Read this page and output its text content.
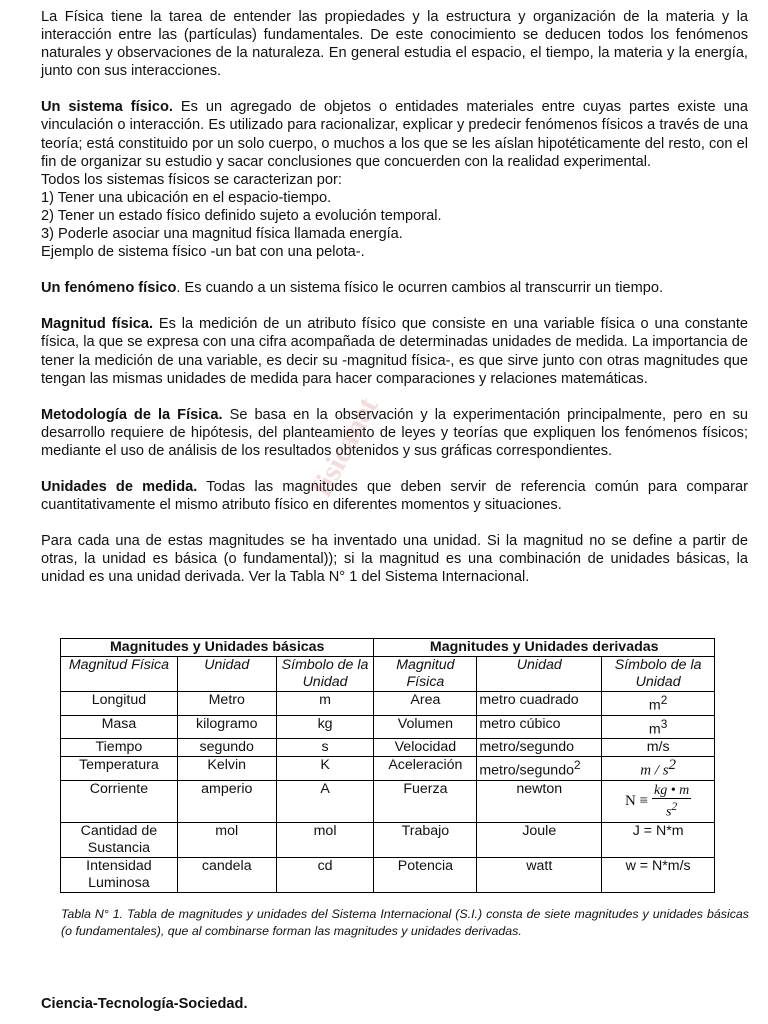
La Física tiene la tarea de entender las propiedades y la estructura y organización de la materia y la interacción entre las (partículas) fundamentales. De este conocimiento se deducen todos los fenómenos naturales y observaciones de la naturaleza. En general estudia el espacio, el tiempo, la materia y la energía, junto con sus interacciones.

Un sistema físico. Es un agregado de objetos o entidades materiales entre cuyas partes existe una vinculación o interacción. Es utilizado para racionalizar, explicar y predecir fenómenos físicos a través de una teoría; está constituido por un solo cuerpo, o muchos a los que se les aíslan hipotéticamente del resto, con el fin de organizar su estudio y sacar conclusiones que concuerden con la realidad experimental.

Todos los sistemas físicos se caracterizan por:
1) Tener una ubicación en el espacio-tiempo.
2) Tener un estado físico definido sujeto a evolución temporal.
3) Poderle asociar una magnitud física llamada energía.
Ejemplo de sistema físico -un bat con una pelota-.

Un fenómeno físico. Es cuando a un sistema físico le ocurren cambios al transcurrir un tiempo.

Magnitud física. Es la medición de un atributo físico que consiste en una variable física o una constante física, la que se expresa con una cifra acompañada de determinadas unidades de medida. La importancia de tener la medición de una variable, es decir su -magnitud física-, es que sirve junto con otras magnitudes que tengan las mismas unidades de medida para hacer comparaciones y relaciones matemáticas.

Metodología de la Física. Se basa en la observación y la experimentación principalmente, pero en su desarrollo requiere de hipótesis, del planteamiento de leyes y teorías que expliquen los fenómenos físicos; mediante el uso de análisis de los resultados obtenidos y sus gráficas correspondientes.

Unidades de medida. Todas las magnitudes que deben servir de referencia común para comparar cuantitativamente el mismo atributo físico en diferentes momentos y situaciones.

Para cada una de estas magnitudes se ha inventado una unidad. Si la magnitud no se define a partir de otras, la unidad es básica (o fundamental)); si la magnitud es una combinación de unidades básicas, la unidad es una unidad derivada. Ver la Tabla N° 1 del Sistema Internacional.

fisicanet
Magnitudes y Unidades básicas			Magnitudes y Unidades derivadas		
Magnitud Física	Unidad	Símbolo de la Unidad	Magnitud Física	Unidad	Símbolo de la Unidad
Longitud	Metro	m	Area	metro cuadrado	$m^2$
Masa	kilogramo	kg	Volumen	metro cúbico	$m^3$
Tiempo	segundo	s	Velocidad	metro/segundo	m/s
Temperatura	Kelvin	K	Aceleración	metro/segundo$^2$	m / $s^2$
Corriente	amperio	A	Fuerza	newton	$N \equiv \frac{kg • m}{s^2}$

Cantidad de Sustancia	mol	mol	Trabajo	Joule	J = N*m
Intensidad Luminosa	candela	cd	Potencia	watt	w = N*m/s
Tabla N° 1. Tabla de magnitudes y unidades del Sistema Internacional (S.I.) consta de siete magnitudes y unidades básicas (o fundamentales), que al combinarse forman las magnitudes y unidades derivadas.
Ciencia-Tecnología-Sociedad.
